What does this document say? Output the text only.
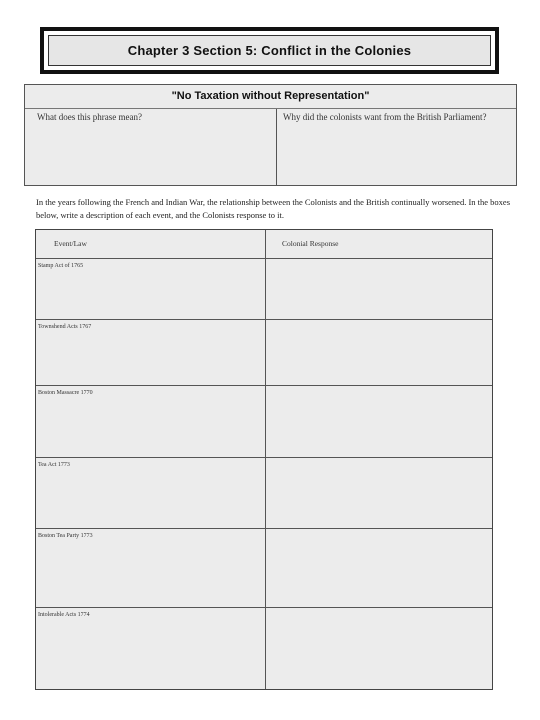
Chapter 3 Section 5: Conflict in the Colonies
"No Taxation without Representation"
What does this phrase mean?	Why did the colonists want from the British Parliament?
In the years following the French and Indian War, the relationship between the Colonists and the British continually worsened. In the boxes below, write a description of each event, and the Colonists response to it.
Event/Law	Colonial Response
Stamp Act of 1765
Townshend Acts 1767
Boston Massacre 1770
Tea Act 1773
Boston Tea Party 1773
Intolerable Acts 1774
